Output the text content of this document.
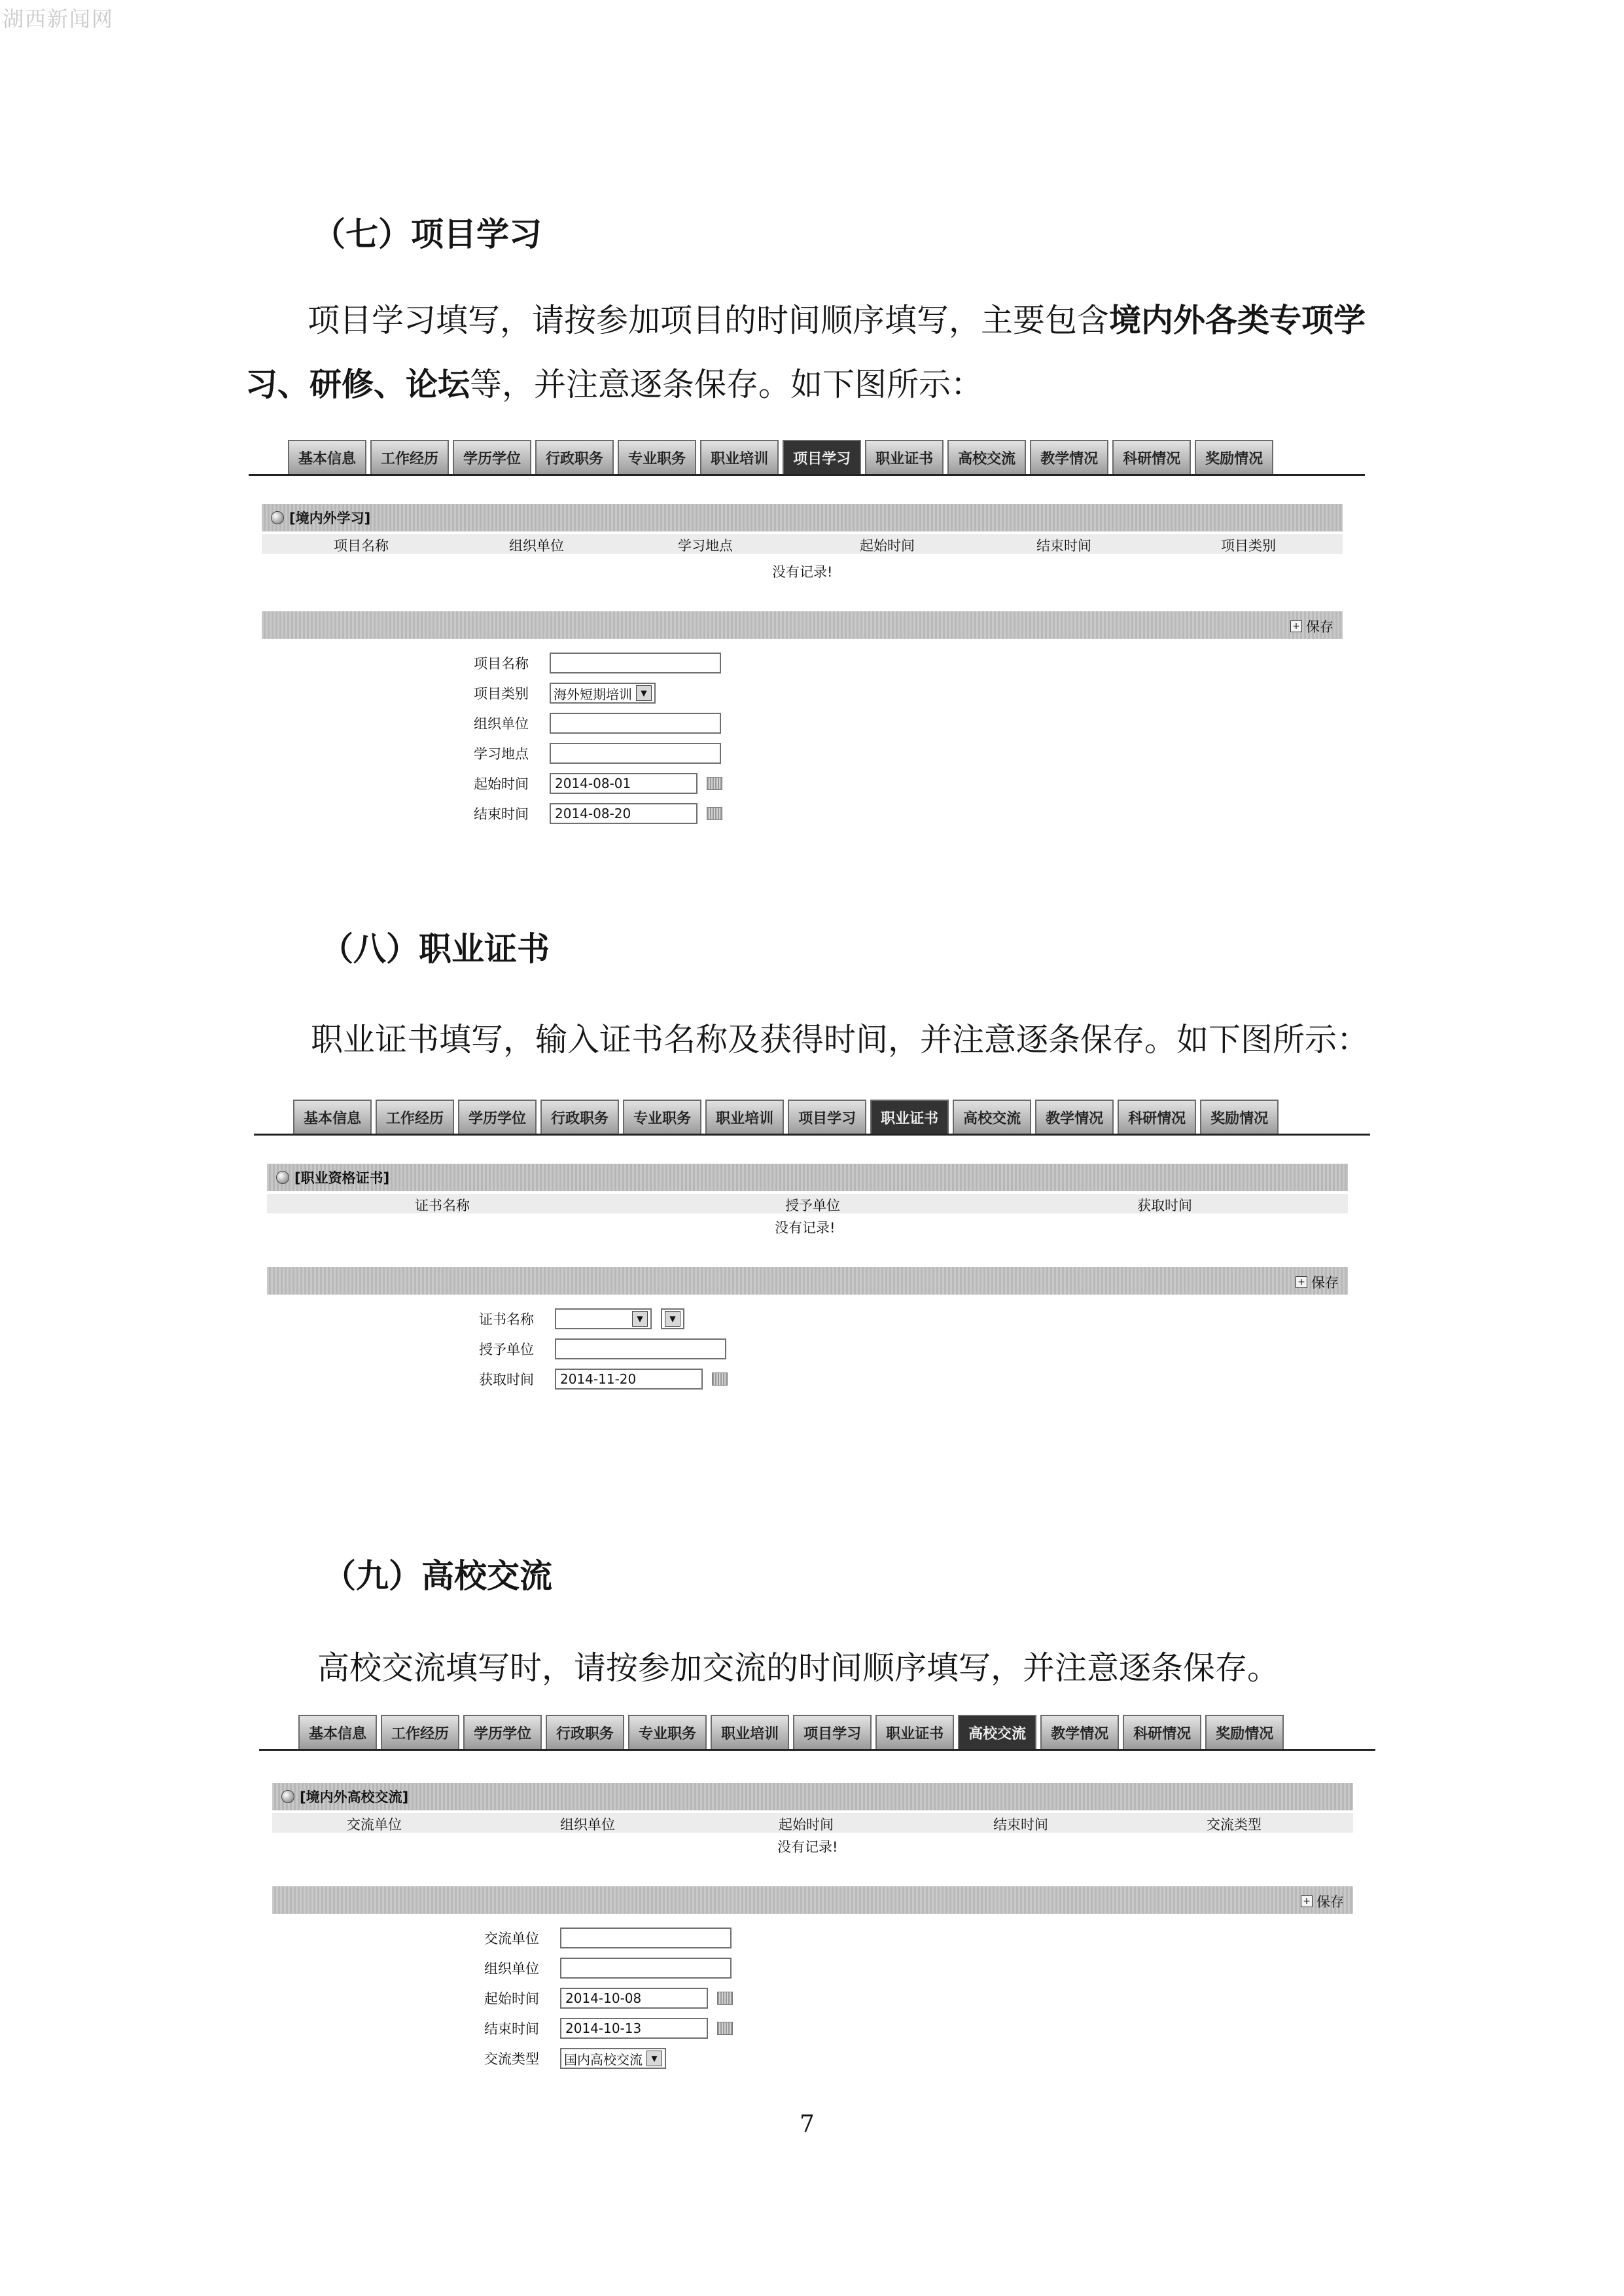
湖西新闻网
（七）项目学习
项目学习填写，请按参加项目的时间顺序填写，主要包含境内外各类专项学
习、研修、论坛等，并注意逐条保存。如下图所示：
基本信息	工作经历	学历学位	行政职务	专业职务	职业培训	项目学习	职业证书	高校交流	教学情况	科研情况	奖励情况
[境内外学习]
项目名称	组织单位	学习地点	起始时间	结束时间	项目类别
没有记录!
+ 保存
项目名称
项目类别	海外短期培训	▼
组织单位
学习地点
起始时间	2014-08-01
结束时间	2014-08-20
（八）职业证书
职业证书填写，输入证书名称及获得时间，并注意逐条保存。如下图所示：
基本信息	工作经历	学历学位	行政职务	专业职务	职业培训	项目学习	职业证书	高校交流	教学情况	科研情况	奖励情况
[职业资格证书]
证书名称	授予单位	获取时间
没有记录!
+ 保存
证书名称	▼	▼
授予单位
获取时间	2014-11-20
（九）高校交流
高校交流填写时，请按参加交流的时间顺序填写，并注意逐条保存。
基本信息	工作经历	学历学位	行政职务	专业职务	职业培训	项目学习	职业证书	高校交流	教学情况	科研情况	奖励情况
[境内外高校交流]
交流单位	组织单位	起始时间	结束时间	交流类型
没有记录!
+ 保存
交流单位
组织单位
起始时间	2014-10-08
结束时间	2014-10-13
交流类型	国内高校交流	▼
7
